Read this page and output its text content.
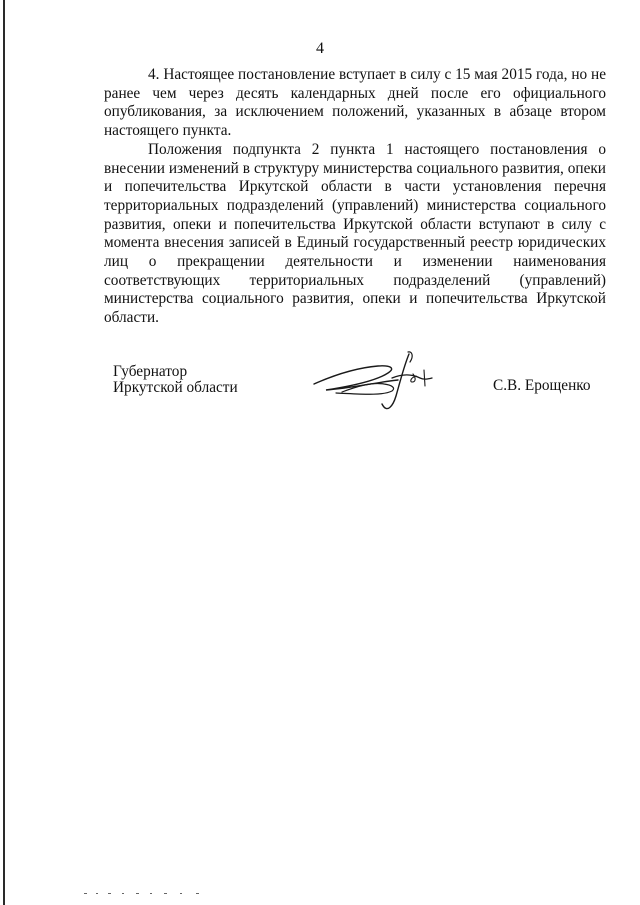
4

4. Настоящее постановление вступает в силу с 15 мая 2015 года, но не ранее чем через десять календарных дней после его официального опубликования, за исключением положений, указанных в абзаце втором настоящего пункта.

Положения подпункта 2 пункта 1 настоящего постановления о внесении изменений в структуру министерства социального развития, опеки и попечительства Иркутской области в части установления перечня территориальных подразделений (управлений) министерства социального развития, опеки и попечительства Иркутской области вступают в силу с момента внесения записей в Единый государственный реестр юридических лиц о прекращении деятельности и изменении наименования соответствующих территориальных подразделений (управлений) министерства социального развития, опеки и попечительства Иркутской области.

Губернатор
Иркутской области	С.В. Ерощенко
